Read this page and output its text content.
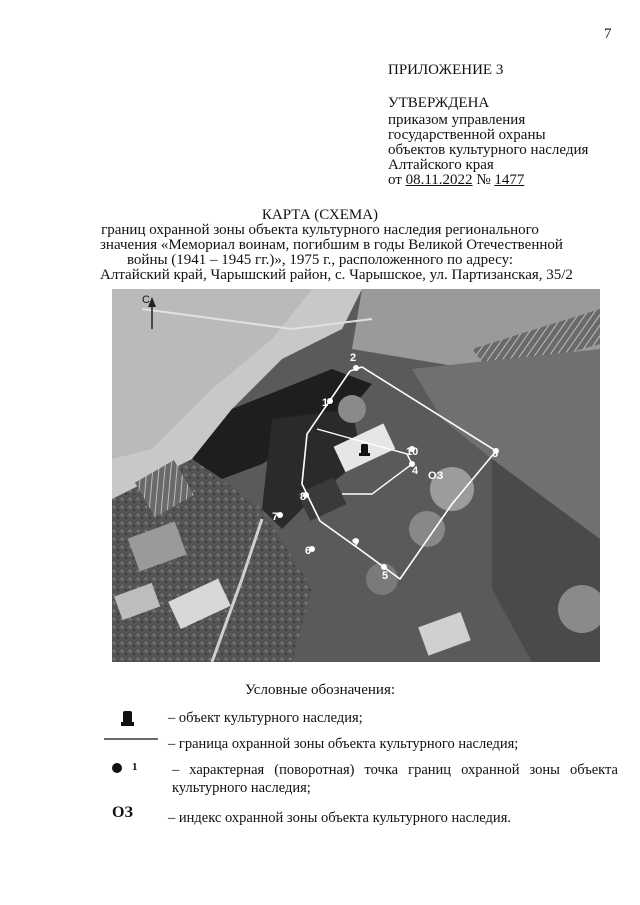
7
ПРИЛОЖЕНИЕ 3
УТВЕРЖДЕНА
приказом управления
государственной охраны
объектов культурного наследия
Алтайского края
от 08.11.2022 № 1477
КАРТА (СХЕМА)
границ охранной зоны объекта культурного наследия регионального
значения «Мемориал воинам, погибшим в годы Великой Отечественной
войны (1941 – 1945 гг.)», 1975 г., расположенного по адресу:
Алтайский край, Чарышский район, с. Чарышское, ул. Партизанская, 35/2
С
1
2
3
4
5
6
7
8
9
10
ОЗ
Условные обозначения:
– объект культурного наследия;
– граница охранной зоны объекта культурного наследия;
1 – характерная (поворотная) точка границ охранной зоны объекта культурного наследия;
ОЗ – индекс охранной зоны объекта культурного наследия.
